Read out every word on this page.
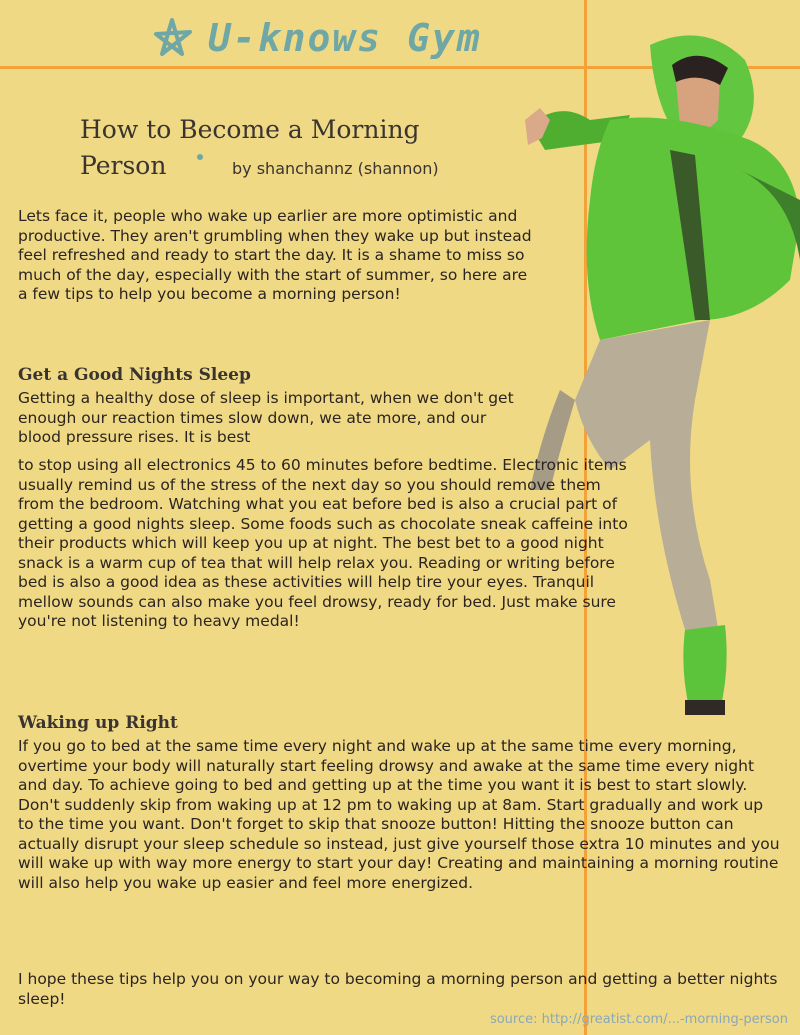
U-knows Gym
How to Become a Morning Person	by shanchannz (shannon)

Lets face it, people who wake up earlier are more optimistic and productive. They aren't grumbling when they wake up but instead feel refreshed and ready to start the day. It is a shame to miss so much of the day, especially with the start of summer, so here are a few tips to help you become a morning person!

Get a Good Nights Sleep

Getting a healthy dose of sleep is important, when we don't get enough our reaction times slow down, we ate more, and our blood pressure rises. It is best

to stop using all electronics 45 to 60 minutes before bedtime. Electronic items usually remind us of the stress of the next day so you should remove them from the bedroom. Watching what you eat before bed is also a crucial part of getting a good nights sleep. Some foods such as chocolate sneak caffeine into their products which will keep you up at night. The best bet to a good night snack is a warm cup of tea that will help relax you. Reading or writing before bed is also a good idea as these activities will help tire your eyes. Tranquil mellow sounds can also make you feel drowsy, ready for bed. Just make sure you're not listening to heavy medal!

Waking up Right

If you go to bed at the same time every night and wake up at the same time every morning, overtime your body will naturally start feeling drowsy and awake at the same time every night and day. To achieve going to bed and getting up at the time you want it is best to start slowly. Don't suddenly skip from waking up at 12 pm to waking up at 8am. Start gradually and work up to the time you want. Don't forget to skip that snooze button! Hitting the snooze button can actually disrupt your sleep schedule so instead, just give yourself those extra 10 minutes and you will wake up with way more energy to start your day! Creating and maintaining a morning routine will also help you wake up easier and feel more energized.

I hope these tips help you on your way to becoming a morning person and getting a better nights sleep!

source: http://greatist.com/...-morning-person
